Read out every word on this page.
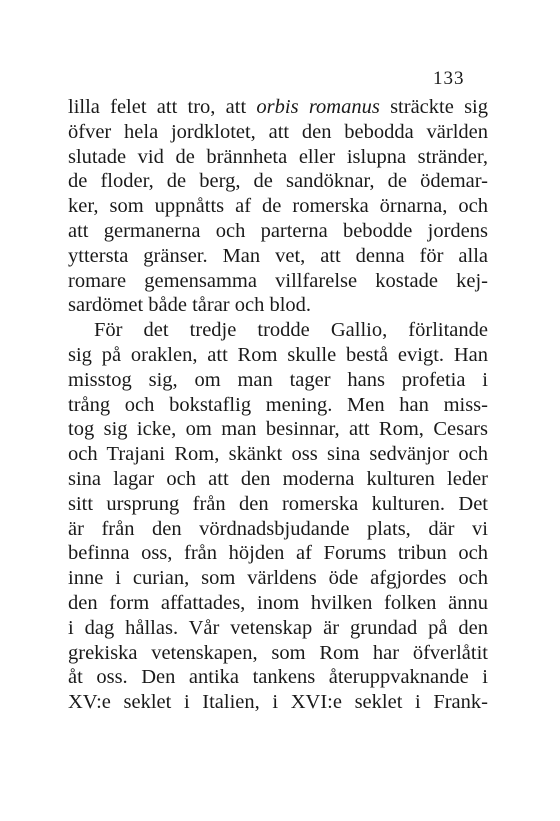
133
lilla felet att tro, att orbis romanus sträckte sig
öfver hela jordklotet, att den bebodda världen
slutade vid de brännheta eller islupna stränder,
de floder, de berg, de sandöknar, de ödemar-
ker, som uppnåtts af de romerska örnarna, och
att germanerna och parterna bebodde jordens
yttersta gränser. Man vet, att denna för alla
romare gemensamma villfarelse kostade kej-
sardömet både tårar och blod.
För det tredje trodde Gallio, förlitande
sig på oraklen, att Rom skulle bestå evigt. Han
misstog sig, om man tager hans profetia i
trång och bokstaflig mening. Men han miss-
tog sig icke, om man besinnar, att Rom, Cesars
och Trajani Rom, skänkt oss sina sedvänjor och
sina lagar och att den moderna kulturen leder
sitt ursprung från den romerska kulturen. Det
är från den vördnadsbjudande plats, där vi
befinna oss, från höjden af Forums tribun och
inne i curian, som världens öde afgjordes och
den form affattades, inom hvilken folken ännu
i dag hållas. Vår vetenskap är grundad på den
grekiska vetenskapen, som Rom har öfverlåtit
åt oss. Den antika tankens återuppvaknande i
XV:e seklet i Italien, i XVI:e seklet i Frank-
